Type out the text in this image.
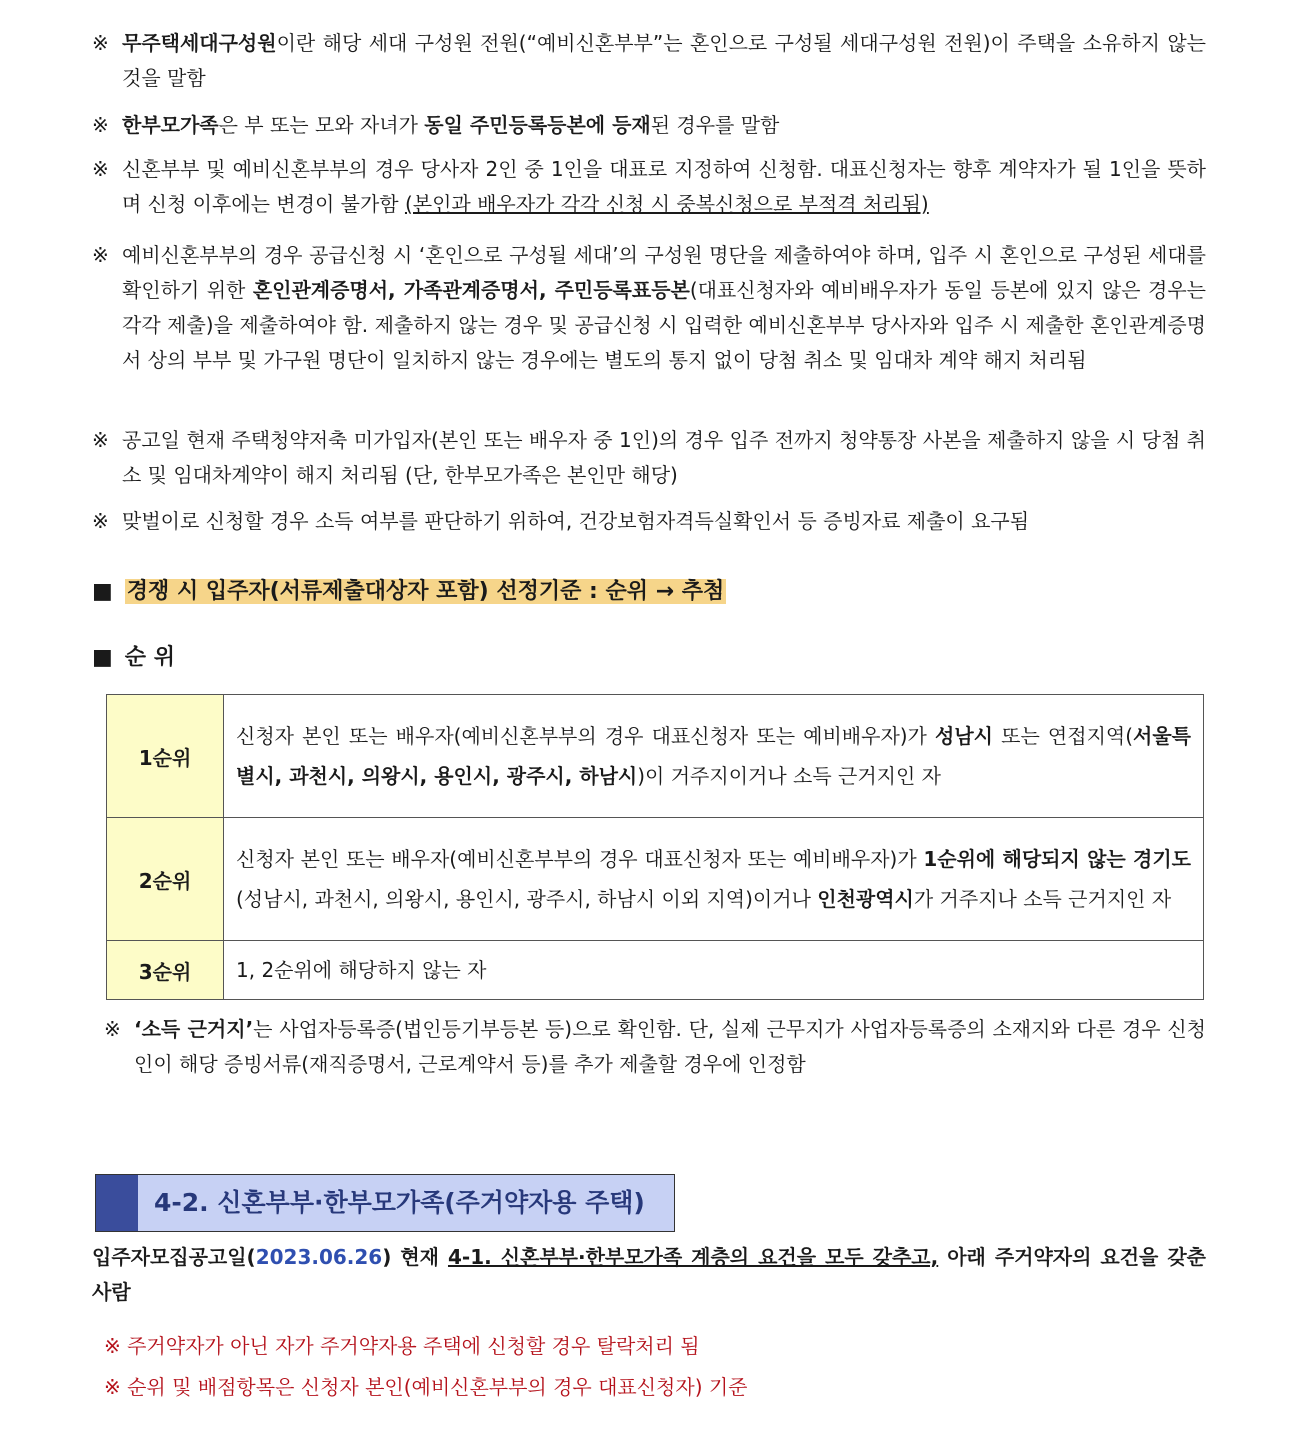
※ 무주택세대구성원이란 해당 세대 구성원 전원(“예비신혼부부”는 혼인으로 구성될 세대구성원 전원)이 주택을 소유하지 않는 것을 말함
※ 한부모가족은 부 또는 모와 자녀가 동일 주민등록등본에 등재된 경우를 말함
※ 신혼부부 및 예비신혼부부의 경우 당사자 2인 중 1인을 대표로 지정하여 신청함. 대표신청자는 향후 계약자가 될 1인을 뜻하며 신청 이후에는 변경이 불가함 (본인과 배우자가 각각 신청 시 중복신청으로 부적격 처리됨)
※ 예비신혼부부의 경우 공급신청 시 ‘혼인으로 구성될 세대’의 구성원 명단을 제출하여야 하며, 입주 시 혼인으로 구성된 세대를 확인하기 위한 혼인관계증명서, 가족관계증명서, 주민등록표등본(대표신청자와 예비배우자가 동일 등본에 있지 않은 경우는 각각 제출)을 제출하여야 함. 제출하지 않는 경우 및 공급신청 시 입력한 예비신혼부부 당사자와 입주 시 제출한 혼인관계증명서 상의 부부 및 가구원 명단이 일치하지 않는 경우에는 별도의 통지 없이 당첨 취소 및 임대차 계약 해지 처리됨
※ 공고일 현재 주택청약저축 미가입자(본인 또는 배우자 중 1인)의 경우 입주 전까지 청약통장 사본을 제출하지 않을 시 당첨 취소 및 임대차계약이 해지 처리됨 (단, 한부모가족은 본인만 해당)
※ 맞벌이로 신청할 경우 소득 여부를 판단하기 위하여, 건강보험자격득실확인서 등 증빙자료 제출이 요구됨
■ 경쟁 시 입주자(서류제출대상자 포함) 선정기준 : 순위 → 추첨
■ 순 위
1순위	신청자 본인 또는 배우자(예비신혼부부의 경우 대표신청자 또는 예비배우자)가 성남시 또는 연접지역(서울특별시, 과천시, 의왕시, 용인시, 광주시, 하남시)이 거주지이거나 소득 근거지인 자
2순위	신청자 본인 또는 배우자(예비신혼부부의 경우 대표신청자 또는 예비배우자)가 1순위에 해당되지 않는 경기도(성남시, 과천시, 의왕시, 용인시, 광주시, 하남시 이외 지역)이거나 인천광역시가 거주지나 소득 근거지인 자
3순위	1, 2순위에 해당하지 않는 자
※ ‘소득 근거지’는 사업자등록증(법인등기부등본 등)으로 확인함. 단, 실제 근무지가 사업자등록증의 소재지와 다른 경우 신청인이 해당 증빙서류(재직증명서, 근로계약서 등)를 추가 제출할 경우에 인정함
4-2. 신혼부부·한부모가족(주거약자용 주택)
입주자모집공고일(2023.06.26) 현재 4-1. 신혼부부·한부모가족 계층의 요건을 모두 갖추고, 아래 주거약자의 요건을 갖춘 사람
※ 주거약자가 아닌 자가 주거약자용 주택에 신청할 경우 탈락처리 됨
※ 순위 및 배점항목은 신청자 본인(예비신혼부부의 경우 대표신청자) 기준
